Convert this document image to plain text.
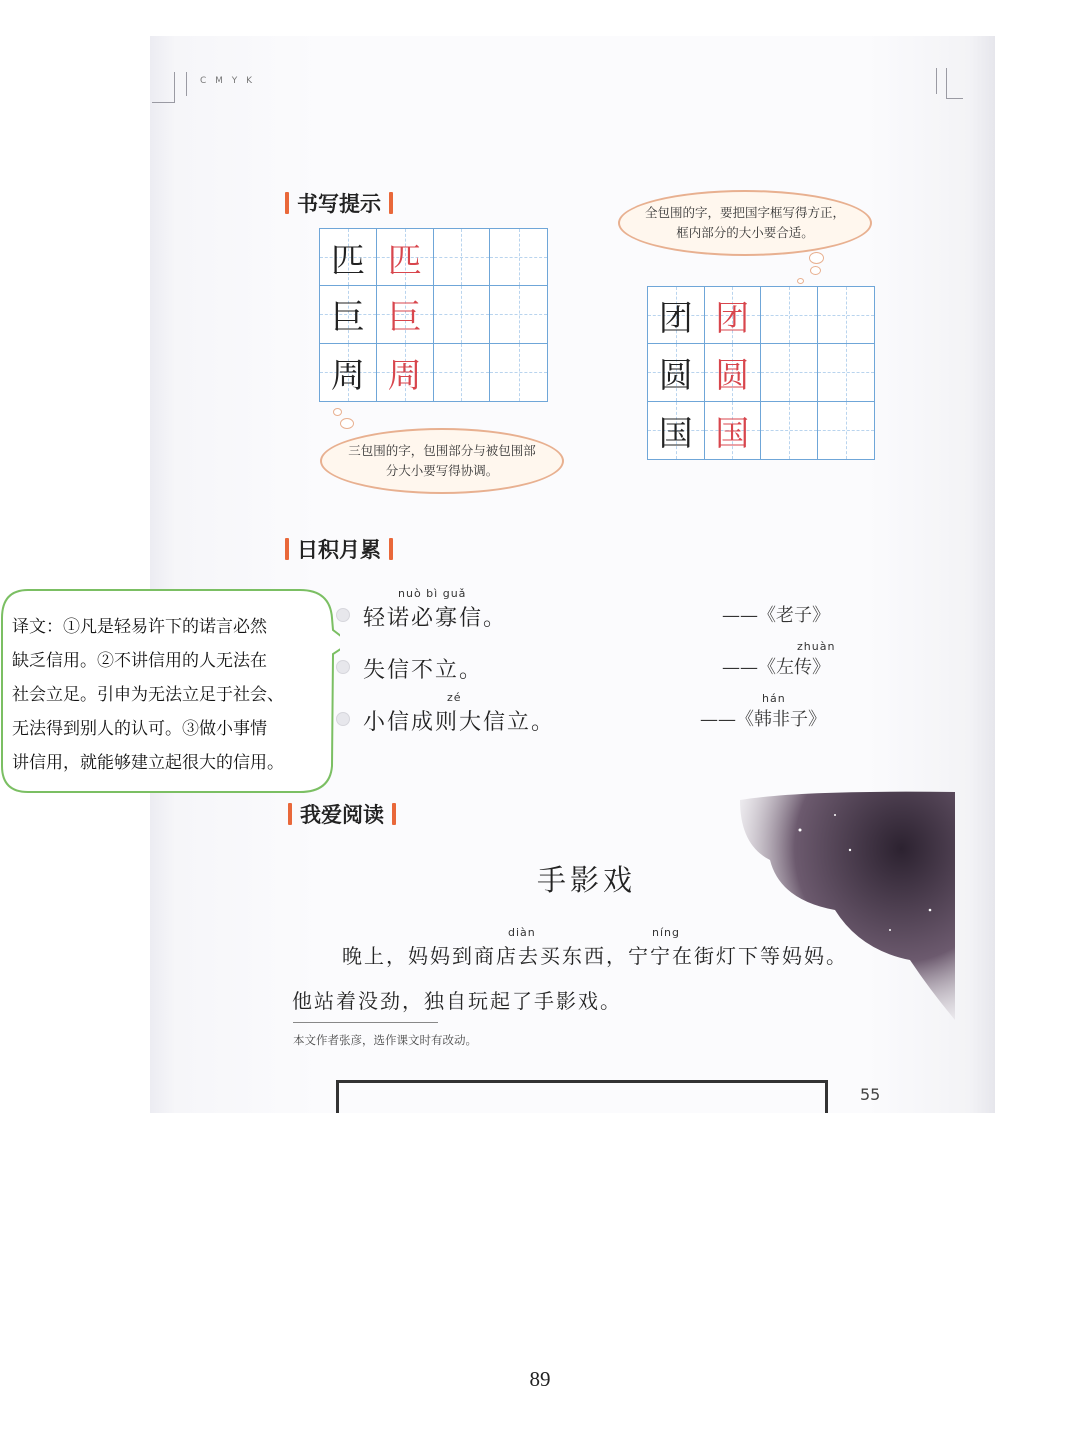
C M Y K
书写提示
匹 匹
巨 巨
周 周
团 团
圆 圆
国 国
全包围的字，要把国字框写得方正，框内部分的大小要合适。
三包围的字，包围部分与被包围部分大小要写得协调。
日积月累
nuò bì guǎ
轻诺必寡信。	——《老子》
失信不立。
zhuàn
——《左传》
zé
小信成则大信立。
hán
——《韩非子》
我爱阅读
手影戏
diàn	níng
晚上，妈妈到商店去买东西，宁宁在街灯下等妈妈。
他站着没劲，独自玩起了手影戏。
本文作者张彦，选作课文时有改动。
55
译文：①凡是轻易许下的诺言必然
缺乏信用。②不讲信用的人无法在
社会立足。引申为无法立足于社会、
无法得到别人的认可。③做小事情
讲信用，就能够建立起很大的信用。
89
